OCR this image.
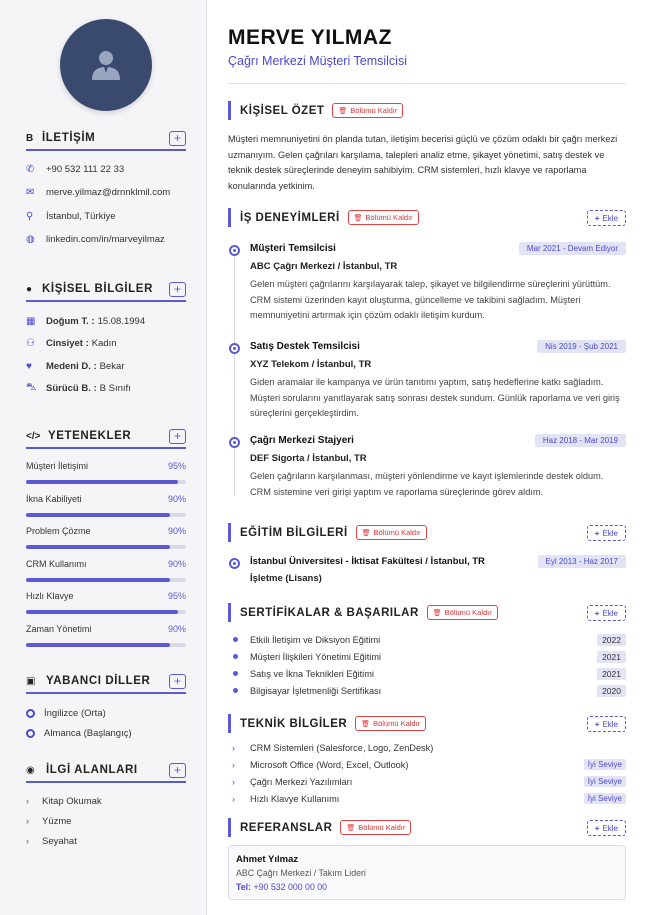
B İLETİŞİM	+
✆	+90 532 111 22 33
✉	merve.yilmaz@drnnklmil.com
⚲	İstanbul, Türkiye
◍	linkedin.com/in/marveyilmaz
● KİŞİSEL BİLGİLER	+
▦	Doğum T. : 15.08.1994
⚇	Cinsiyet : Kadın
♥	Medeni D. : Bekar
⛍	Sürücü B. : B Sınıfı
</> YETENEKLER	+
Müşteri İletişimi	95%
İkna Kabiliyeti	90%
Problem Çözme	90%
CRM Kullanımı	90%
Hızlı Klavye	95%
Zaman Yönetimi	90%
▣ YABANCI DİLLER	+
İngilizce (Orta)
Almanca (Başlangıç)
◉ İLGİ ALANLARI	+
›	Kitap Okumak
›	Yüzme
›	Seyahat
MERVE YILMAZ
Çağrı Merkezi Müşteri Temsilcisi
KİŞİSEL ÖZET 🗑 Bölümü Kaldır

Müşteri memnuniyetini ön planda tutan, iletişim becerisi güçlü ve çözüm odaklı bir çağrı merkezi uzmanıyım. Gelen çağrıları karşılama, talepleri analiz etme, şikayet yönetimi, satış destek ve teknik destek süreçlerinde deneyim sahibiyim. CRM sistemleri, hızlı klavye ve raporlama konularında yetkinim.

İŞ DENEYİMLERİ 🗑 Bölümü Kaldır	+ Ekle
Müşteri Temsilcisi	Mar 2021 - Devam Ediyor
ABC Çağrı Merkezi / İstanbul, TR

Gelen müşteri çağrılarını karşılayarak talep, şikayet ve bilgilendirme süreçlerini yürüttüm. CRM sistemi üzerinden kayıt oluşturma, güncelleme ve takibini sağladım. Müşteri memnuniyetini artırmak için çözüm odaklı iletişim kurdum.

Satış Destek Temsilcisi	Nis 2019 - Şub 2021
XYZ Telekom / İstanbul, TR

Giden aramalar ile kampanya ve ürün tanıtımı yaptım, satış hedeflerine katkı sağladım. Müşteri sorularını yanıtlayarak satış sonrası destek sundum. Günlük raporlama ve veri giriş süreçlerini gerçekleştirdim.

Çağrı Merkezi Stajyeri	Haz 2018 - Mar 2019
DEF Sigorta / İstanbul, TR

Gelen çağrıların karşılanması, müşteri yönlendirme ve kayıt işlemlerinde destek oldum. CRM sistemine veri girişi yaptım ve raporlama süreçlerinde görev aldım.

EĞİTİM BİLGİLERİ 🗑 Bölümü Kaldır	+ Ekle
İstanbul Üniversitesi - İktisat Fakültesi / İstanbul, TR	Eyl 2013 - Haz 2017
İşletme (Lisans)
SERTİFİKALAR & BAŞARILAR 🗑 Bölümü Kaldır	+ Ekle
Etkili İletişim ve Diksiyon Eğitimi	2022
Müşteri İlişkileri Yönetimi Eğitimi	2021
Satış ve İkna Teknikleri Eğitimi	2021
Bilgisayar İşletmenliği Sertifikası	2020
TEKNİK BİLGİLER 🗑 Bölümü Kaldır	+ Ekle
›	CRM Sistemleri (Salesforce, Logo, ZenDesk)
›	Microsoft Office (Word, Excel, Outlook)	İyi Seviye
›	Çağrı Merkezi Yazılımları	İyi Seviye
›	Hızlı Klavye Kullanımı	İyi Seviye
REFERANSLAR 🗑 Bölümü Kaldır	+ Ekle
Ahmet Yılmaz
ABC Çağrı Merkezi / Takım Lideri
Tel: +90 532 000 00 00
